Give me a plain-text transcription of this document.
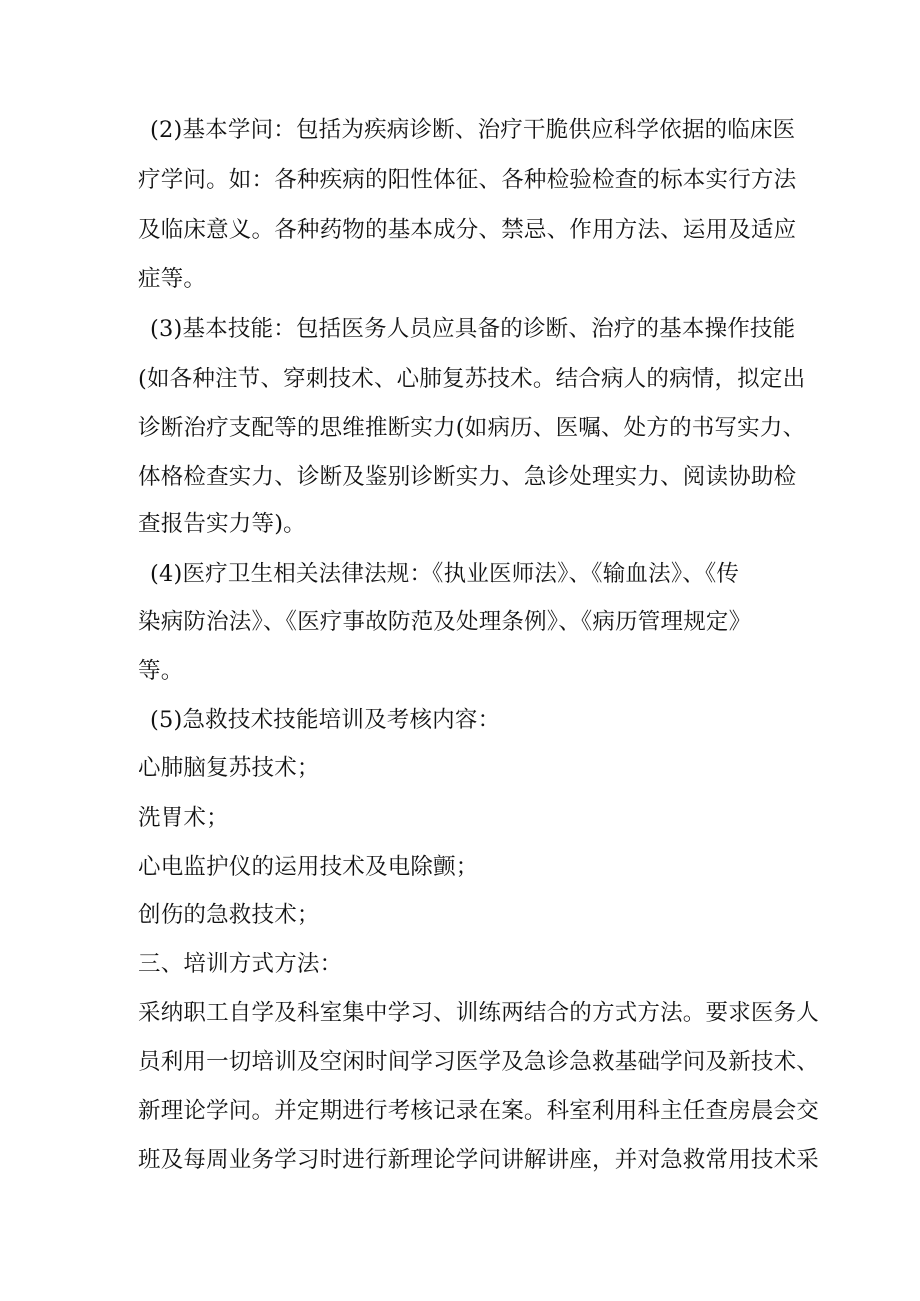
(2)基本学问：包括为疾病诊断、治疗干脆供应科学依据的临床医
疗学问。如：各种疾病的阳性体征、各种检验检查的标本实行方法
及临床意义。各种药物的基本成分、禁忌、作用方法、运用及适应
症等。
(3)基本技能：包括医务人员应具备的诊断、治疗的基本操作技能
(如各种注节、穿刺技术、心肺复苏技术。结合病人的病情，拟定出
诊断治疗支配等的思维推断实力(如病历、医嘱、处方的书写实力、
体格检查实力、诊断及鉴别诊断实力、急诊处理实力、阅读协助检
查报告实力等)。
(4)医疗卫生相关法律法规：《执业医师法》、《输血法》、《传
染病防治法》、《医疗事故防范及处理条例》、《病历管理规定》
等。
(5)急救技术技能培训及考核内容：
心肺脑复苏技术；
洗胃术；
心电监护仪的运用技术及电除颤；
创伤的急救技术；
三、培训方式方法：
采纳职工自学及科室集中学习、训练两结合的方式方法。要求医务人
员利用一切培训及空闲时间学习医学及急诊急救基础学问及新技术、
新理论学问。并定期进行考核记录在案。科室利用科主任查房晨会交
班及每周业务学习时进行新理论学问讲解讲座，并对急救常用技术采
